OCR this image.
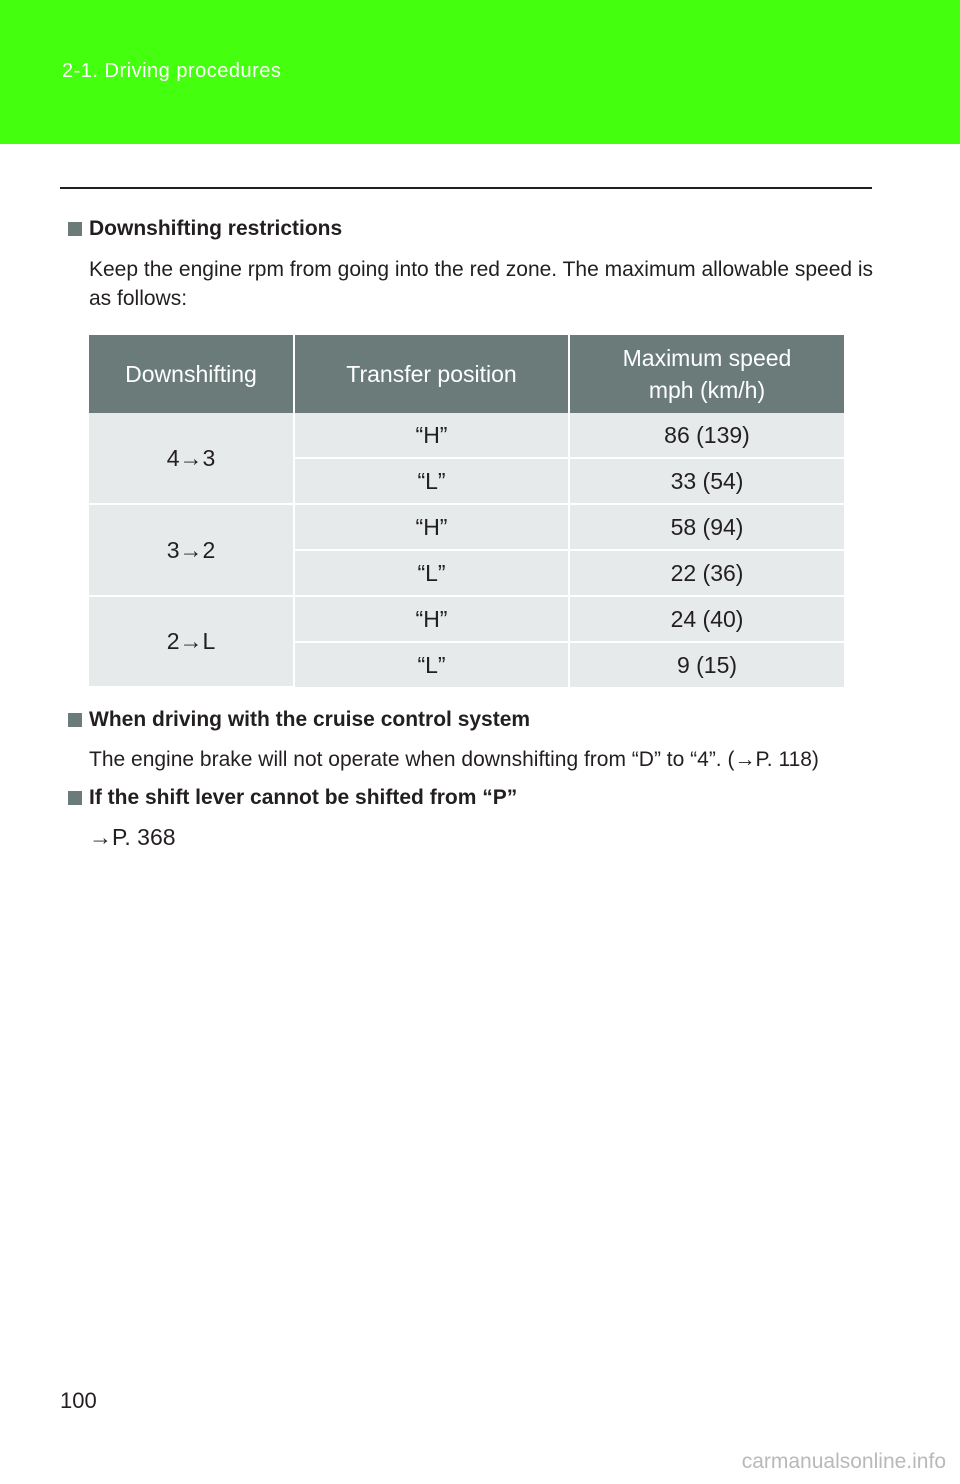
2-1. Driving procedures
Downshifting restrictions
Keep the engine rpm from going into the red zone. The maximum allowable speed is as follows:
Downshifting	Transfer position	Maximum speed
mph (km/h)
4→3	“H”	86 (139)
	“L”	33 (54)
3→2	“H”	58 (94)
	“L”	22 (36)
2→L	“H”	24 (40)
	“L”	9 (15)
When driving with the cruise control system
The engine brake will not operate when downshifting from “D” to “4”. (→P. 118)
If the shift lever cannot be shifted from “P”
→P. 368
100
carmanualsonline.info
